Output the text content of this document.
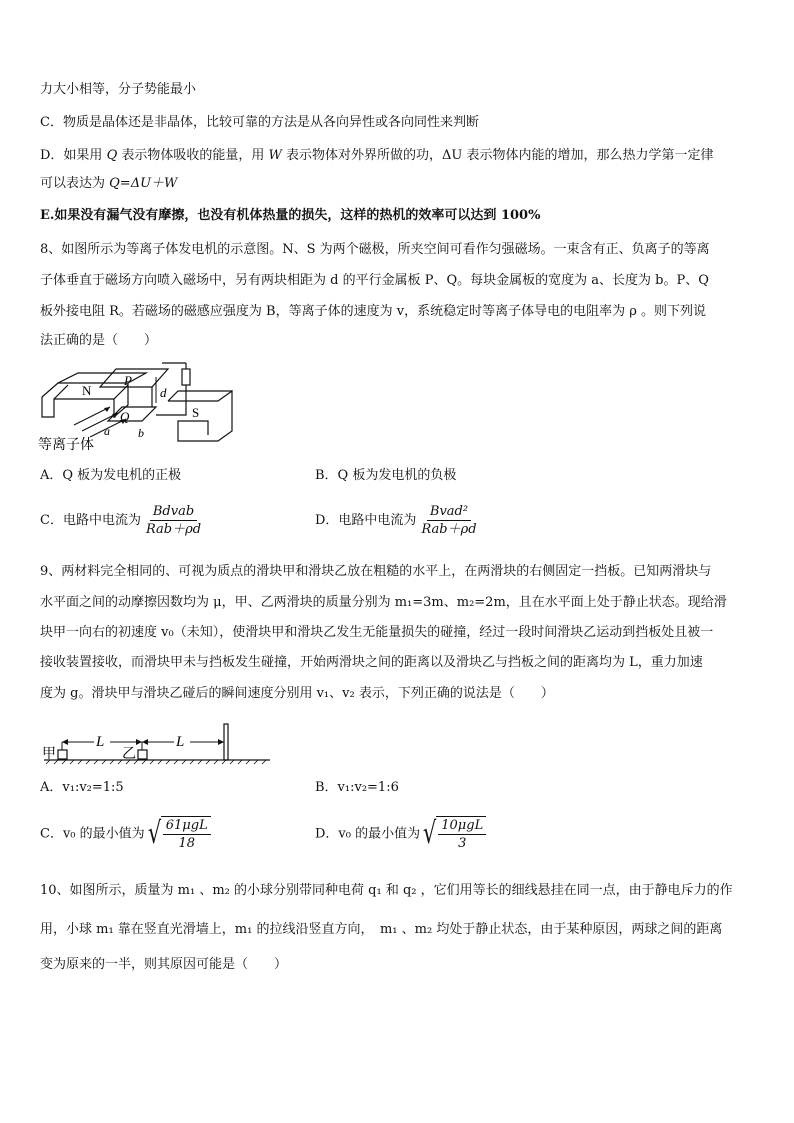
力大小相等，分子势能最小
C．物质是晶体还是非晶体，比较可靠的方法是从各向异性或各向同性来判断
D．如果用 Q 表示物体吸收的能量，用 W 表示物体对外界所做的功，ΔU 表示物体内能的增加，那么热力学第一定律
可以表达为 Q=ΔU＋W
E.如果没有漏气没有摩擦，也没有机体热量的损失，这样的热机的效率可以达到 100%
8、如图所示为等离子体发电机的示意图。N、S 为两个磁极，所夹空间可看作匀强磁场。一束含有正、负离子的等离
子体垂直于磁场方向喷入磁场中，另有两块相距为 d 的平行金属板 P、Q。每块金属板的宽度为 a、长度为 b。P、Q
板外接电阻 R。若磁场的磁感应强度为 B，等离子体的速度为 v，系统稳定时等离子体导电的电阻率为 ρ 。则下列说
法正确的是（　　）
N
P
d
S
Q
a b
等离子体
A．Q 板为发电机的正极	B．Q 板为发电机的负极
C．电路中电流为 $\frac{\text{Bdvab}}{\text{Rab＋ρd}}$	D．电路中电流为 $\frac{\text{Bvad²}}{\text{Rab＋ρd}}$
9、两材料完全相同的、可视为质点的滑块甲和滑块乙放在粗糙的水平上，在两滑块的右侧固定一挡板。已知两滑块与
水平面之间的动摩擦因数均为 μ，甲、乙两滑块的质量分别为 m₁=3m、m₂=2m，且在水平面上处于静止状态。现给滑
块甲一向右的初速度 v₀（未知），使滑块甲和滑块乙发生无能量损失的碰撞，经过一段时间滑块乙运动到挡板处且被一
接收装置接收，而滑块甲未与挡板发生碰撞，开始两滑块之间的距离以及滑块乙与挡板之间的距离均为 L，重力加速
度为 g。滑块甲与滑块乙碰后的瞬间速度分别用 v₁、v₂ 表示，下列正确的说法是（　　）
甲	乙
L	L
A．v₁:v₂=1:5	B．v₁:v₂=1:6
C．v₀ 的最小值为 √ $\frac{\text{61μgL}}{18}$	D．v₀ 的最小值为 √ $\frac{\text{10μgL}}{3}$
10、如图所示，质量为 m₁ 、m₂ 的小球分别带同种电荷 q₁ 和 q₂ ，它们用等长的细线悬挂在同一点，由于静电斥力的作
用，小球 m₁ 靠在竖直光滑墙上，m₁ 的拉线沿竖直方向，　m₁ 、m₂ 均处于静止状态，由于某种原因，两球之间的距离
变为原来的一半，则其原因可能是（　　）
